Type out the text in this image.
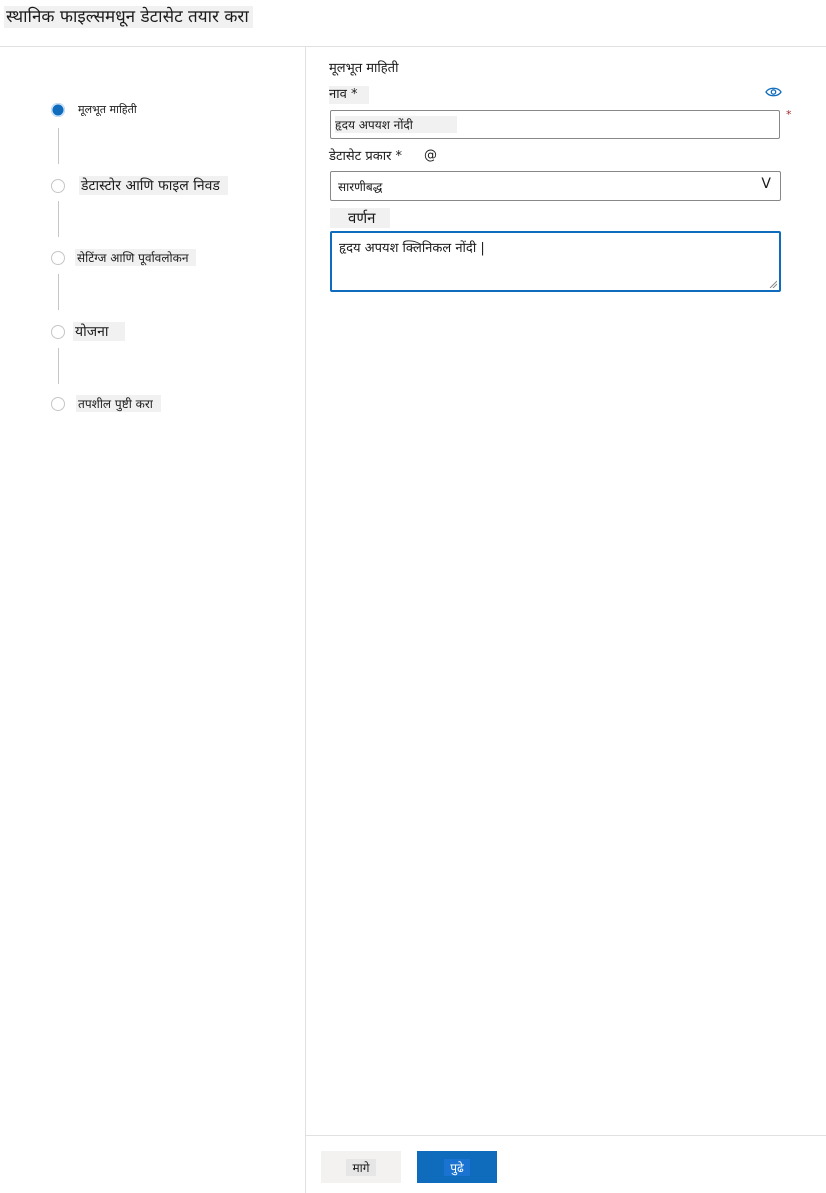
स्थानिक फाइल्समधून डेटासेट तयार करा
मूलभूत माहिती
डेटास्टोर आणि फाइल निवड
सेटिंग्ज आणि पूर्वावलोकन
योजना
तपशील पुष्टी करा
मूलभूत माहिती
नाव *
हृदय अपयश नोंदी
*
डेटासेट प्रकार * @
सारणीबद्ध	V
वर्णन
हृदय अपयश क्लिनिकल नोंदी |
मागे	पुढे
